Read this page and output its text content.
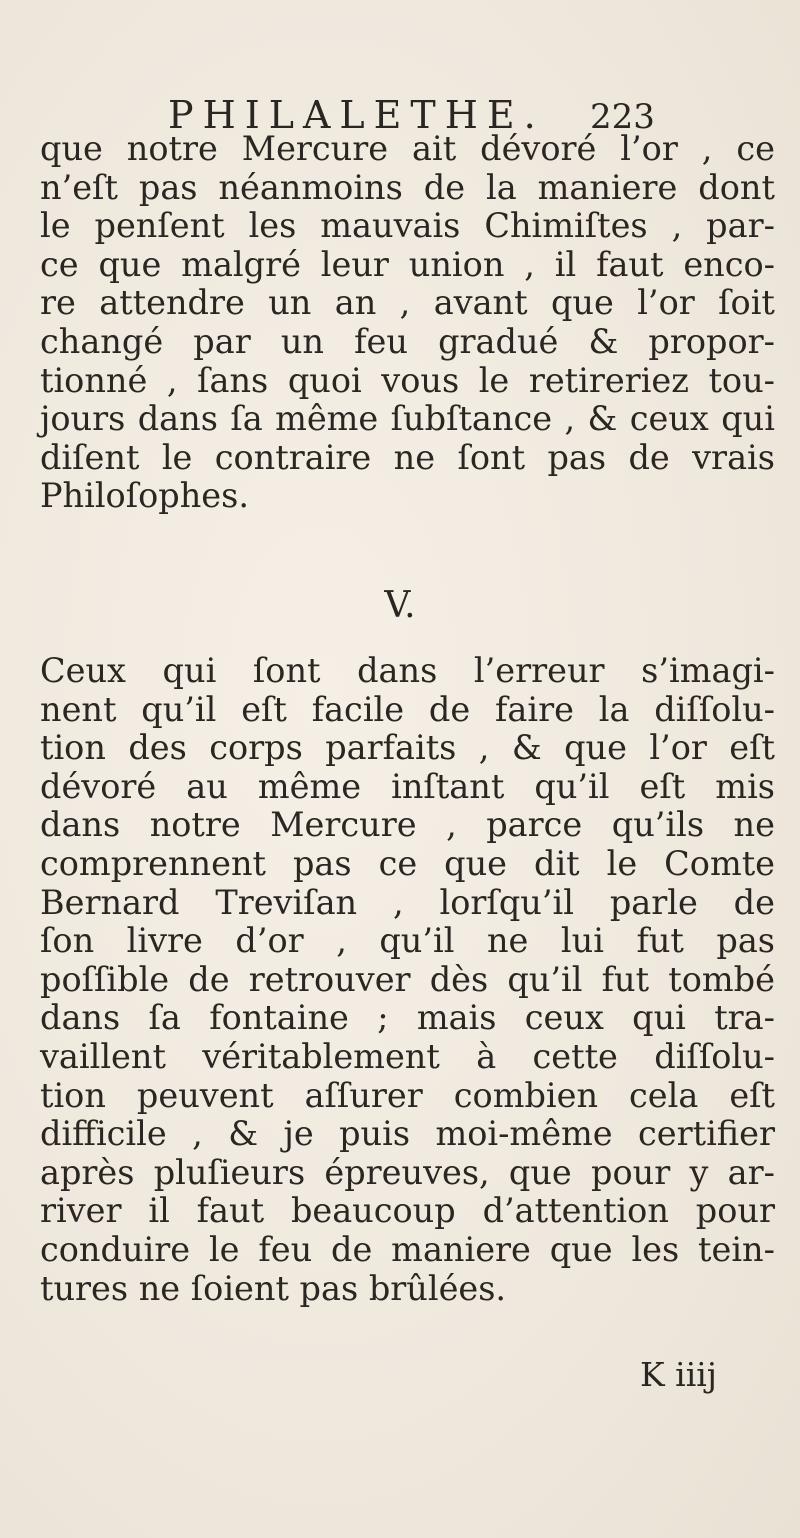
PHILALETHE. 223
que notre Mercure ait dévoré l’or , ce
n’eſt pas néanmoins de la maniere dont
le penſent les mauvais Chimiſtes , par-
ce que malgré leur union , il faut enco-
re attendre un an , avant que l’or ſoit
changé par un feu gradué & propor-
tionné , ſans quoi vous le retireriez tou-
jours dans ſa même ſubſtance , & ceux qui
diſent le contraire ne ſont pas de vrais
Philoſophes.
V.
Ceux qui ſont dans l’erreur s’imagi-
nent qu’il eſt facile de faire la diſſolu-
tion des corps parfaits , & que l’or eſt
dévoré au même inſtant qu’il eſt mis
dans notre Mercure , parce qu’ils ne
comprennent pas ce que dit le Comte
Bernard Treviſan , lorſqu’il parle de
ſon livre d’or , qu’il ne lui fut pas
poſſible de retrouver dès qu’il fut tombé
dans ſa fontaine ; mais ceux qui tra-
vaillent véritablement à cette diſſolu-
tion peuvent aſſurer combien cela eſt
difficile , & je puis moi-même certifier
après pluſieurs épreuves, que pour y ar-
river il faut beaucoup d’attention pour
conduire le feu de maniere que les tein-
tures ne ſoient pas brûlées.
K iiij
